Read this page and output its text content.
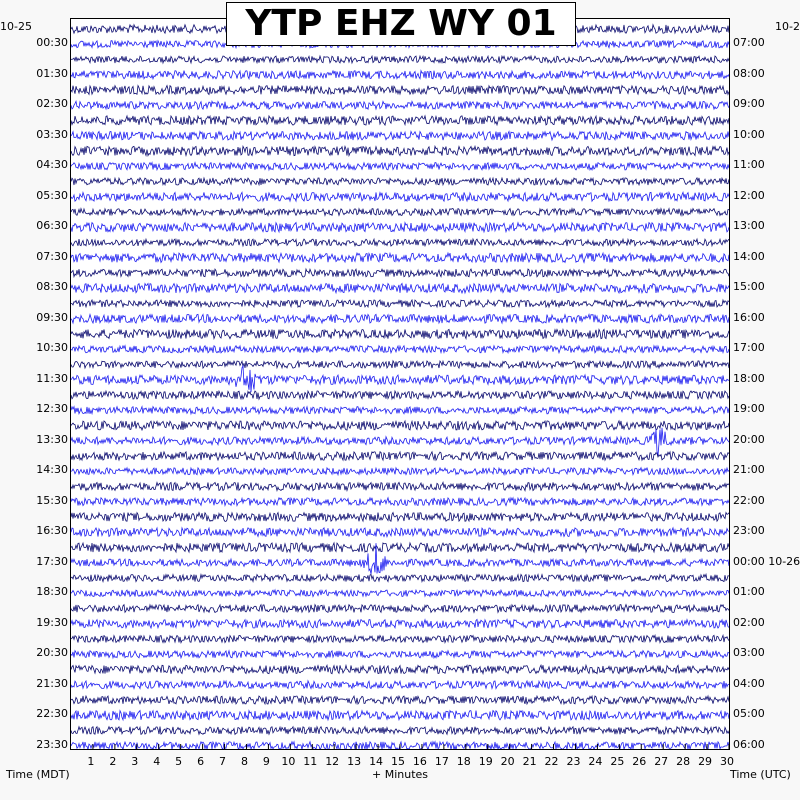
YTP EHZ WY 01
10-25	10-2
00:30
01:30
02:30
03:30
04:30
05:30
06:30
07:30
08:30
09:30
10:30
11:30
12:30
13:30
14:30
15:30
16:30
17:30
18:30
19:30
20:30
21:30
22:30
23:30
07:00
08:00
09:00
10:00
11:00
12:00
13:00
14:00
15:00
16:00
17:00
18:00
19:00
20:00
21:00
22:00
23:00
00:00 10-26
01:00
02:00
03:00
04:00
05:00
06:00
1 2 3 4 5 6 7 8 9 10 11 12 13 14 15 16 17 18 19 20 21 22 23 24 25 26 27 28 29 30
Time (MDT)	+ Minutes	Time (UTC)
